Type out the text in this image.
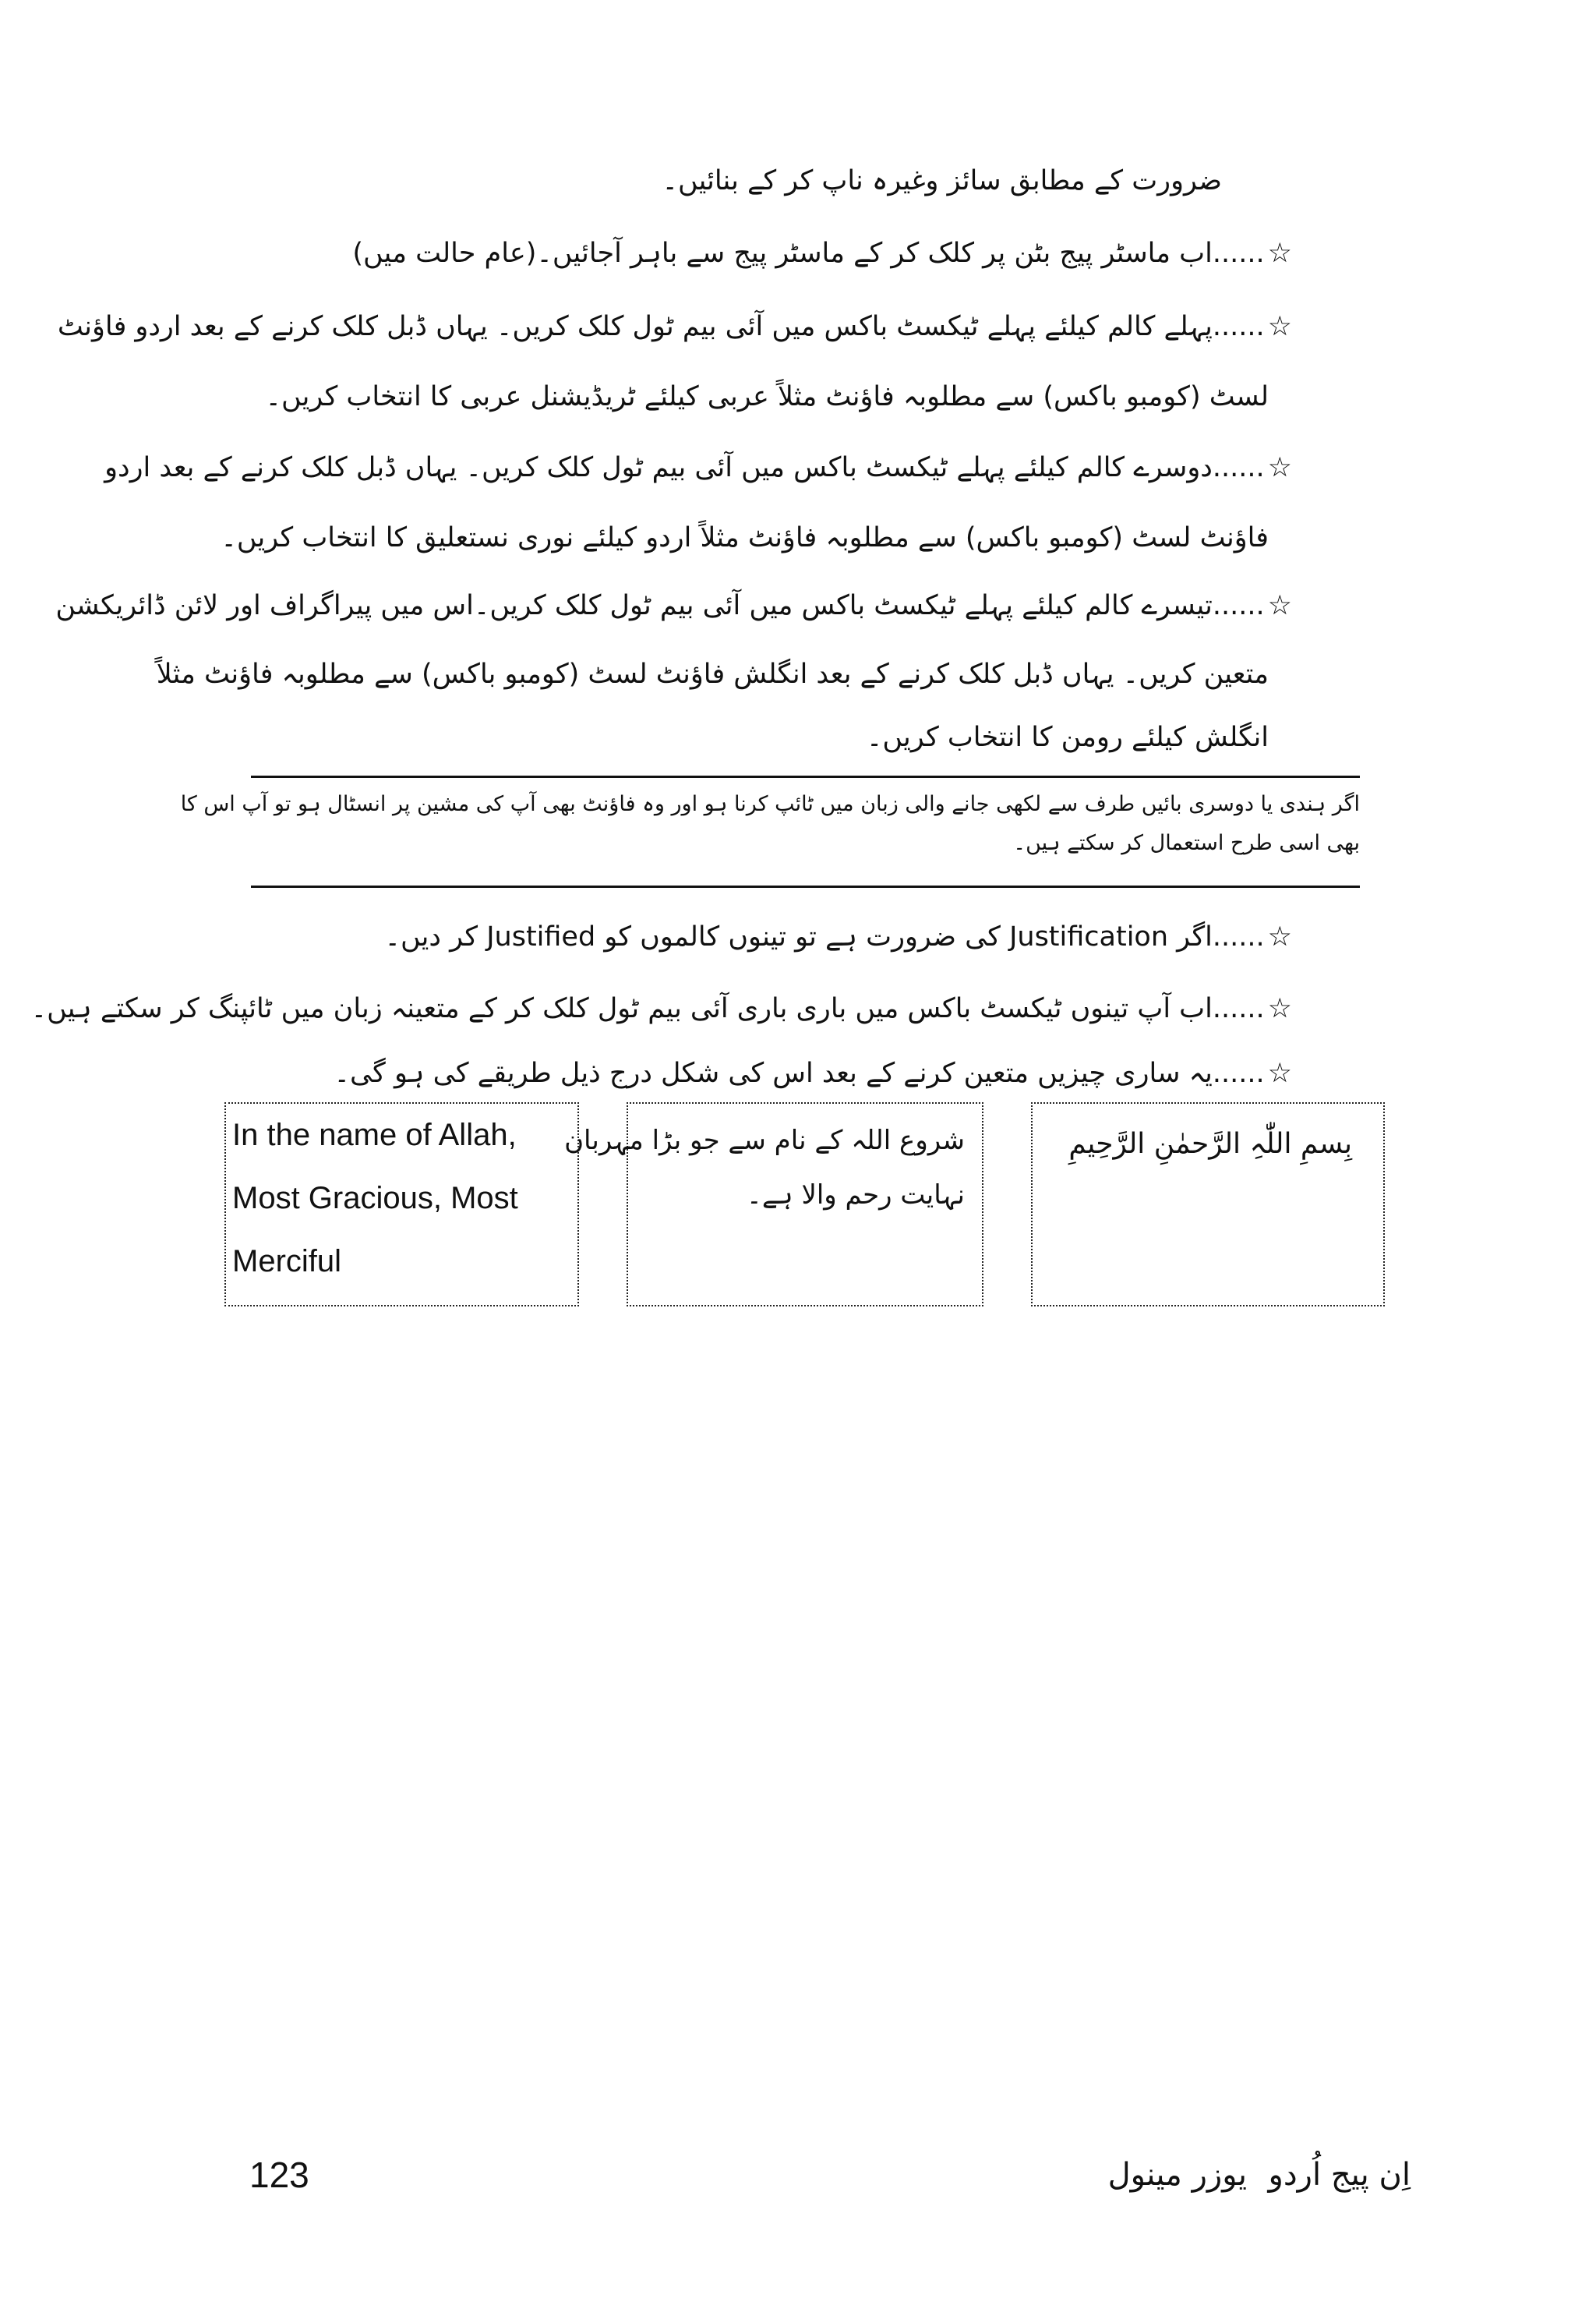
ضرورت کے مطابق سائز وغیرہ ناپ کر کے بنائیں۔
☆......اب ماسٹر پیج بٹن پر کلک کر کے ماسٹر پیج سے باہر آجائیں۔(عام حالت میں)
☆......پہلے کالم کیلئے پہلے ٹیکسٹ باکس میں آئی بیم ٹول کلک کریں۔ یہاں ڈبل کلک کرنے کے بعد اردو فاؤنٹ
لسٹ (کومبو باکس) سے مطلوبہ فاؤنٹ مثلاً عربی کیلئے ٹریڈیشنل عربی کا انتخاب کریں۔
☆......دوسرے کالم کیلئے پہلے ٹیکسٹ باکس میں آئی بیم ٹول کلک کریں۔ یہاں ڈبل کلک کرنے کے بعد اردو
فاؤنٹ لسٹ (کومبو باکس) سے مطلوبہ فاؤنٹ مثلاً اردو کیلئے نوری نستعلیق کا انتخاب کریں۔
☆......تیسرے کالم کیلئے پہلے ٹیکسٹ باکس میں آئی بیم ٹول کلک کریں۔اس میں پیراگراف اور لائن ڈائریکشن
متعین کریں۔ یہاں ڈبل کلک کرنے کے بعد انگلش فاؤنٹ لسٹ (کومبو باکس) سے مطلوبہ فاؤنٹ مثلاً
انگلش کیلئے رومن کا انتخاب کریں۔
اگر ہندی یا دوسری بائیں طرف سے لکھی جانے والی زبان میں ٹائپ کرنا ہو اور وہ فاؤنٹ بھی آپ کی مشین پر انسٹال ہو تو آپ اس کا
بھی اسی طرح استعمال کر سکتے ہیں۔
☆......اگر Justification کی ضرورت ہے تو تینوں کالموں کو Justified کر دیں۔
☆......اب آپ تینوں ٹیکسٹ باکس میں باری باری آئی بیم ٹول کلک کر کے متعینہ زبان میں ٹائپنگ کر سکتے ہیں۔
☆......یہ ساری چیزیں متعین کرنے کے بعد اس کی شکل درج ذیل طریقے کی ہو گی۔
In the name of Allah,
Most Gracious, Most
Merciful
شروع اللہ کے نام سے جو بڑا مہربان
نہایت رحم والا ہے۔
بِسمِ اللّٰہِ الرَّحمٰنِ الرَّحِیمِ
123	یوزر مینول اِن پیج اُردو
